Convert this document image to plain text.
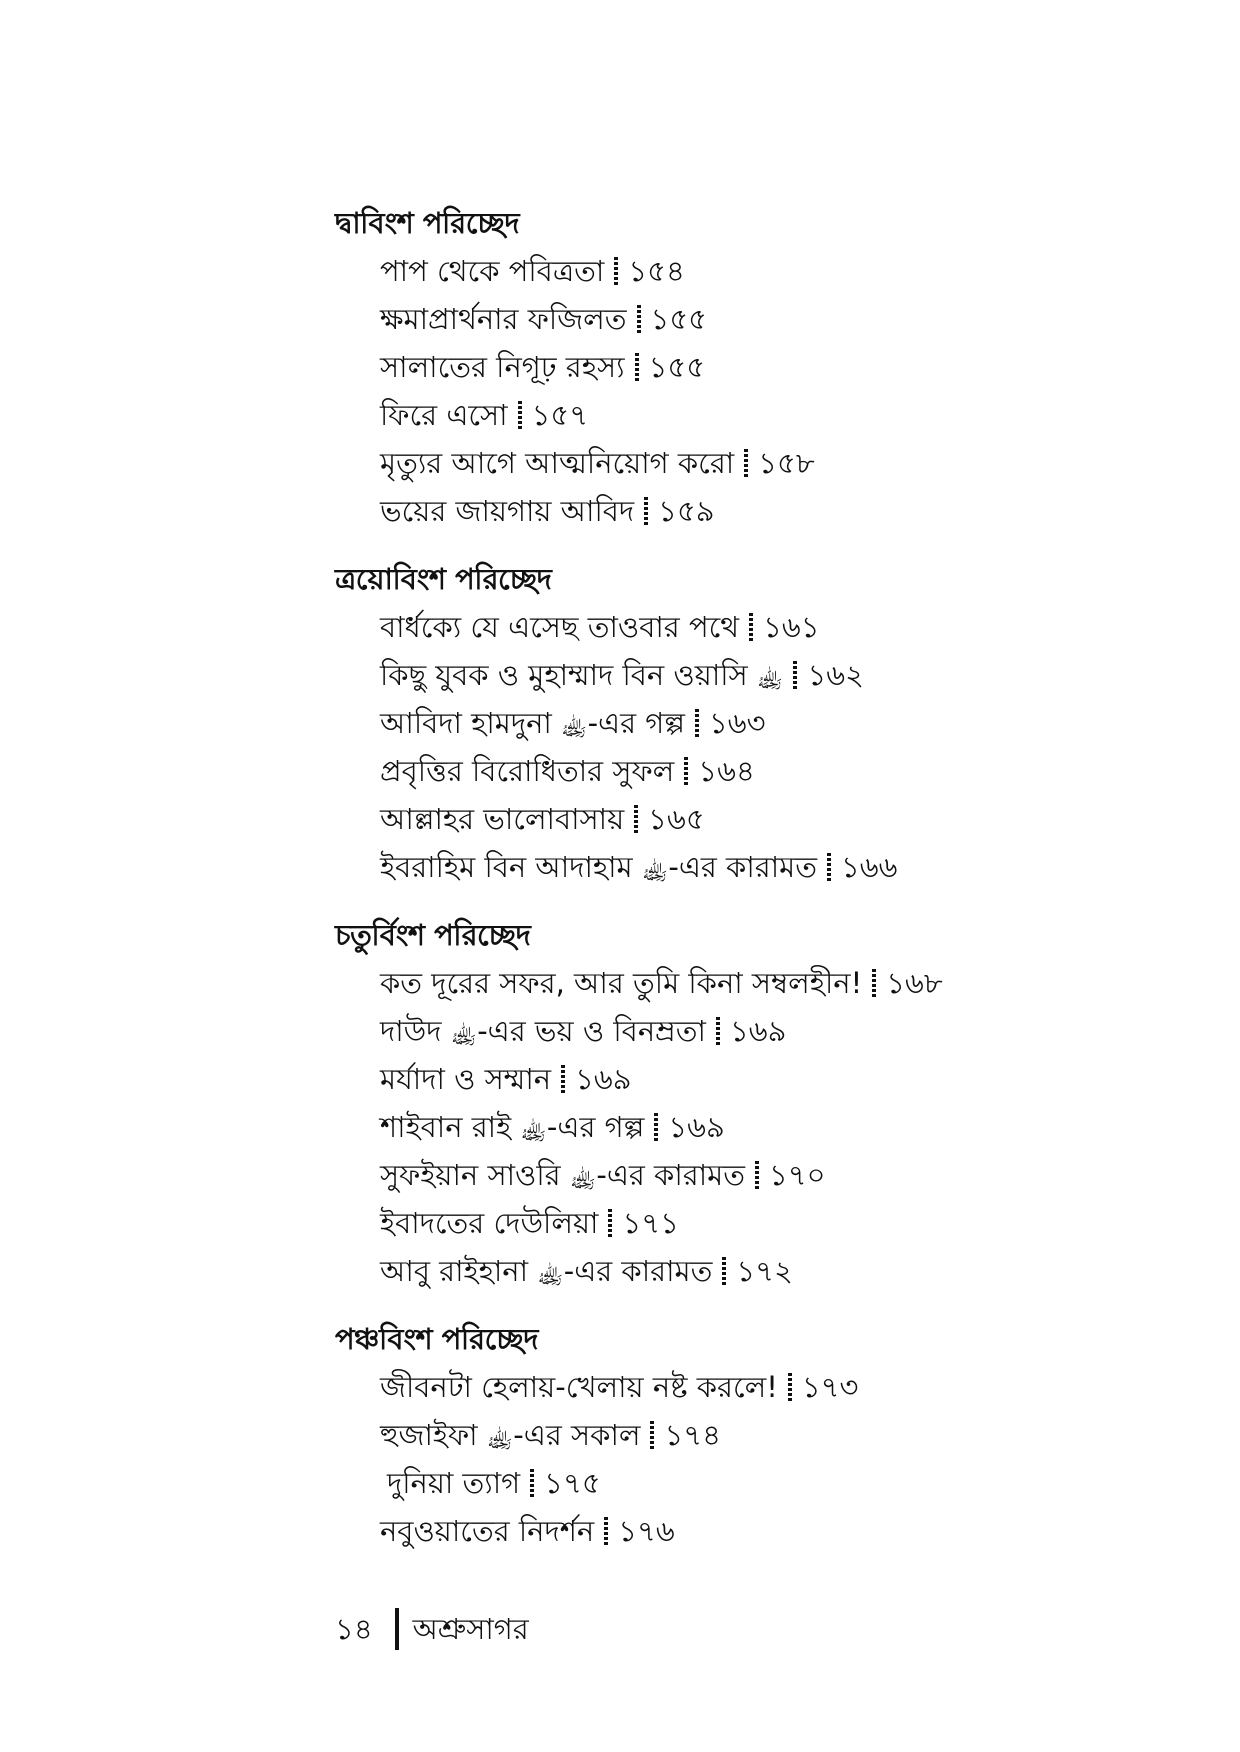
দ্বাবিংশ পরিচ্ছেদ
পাপ থেকে পবিত্রতা ১৫৪
ক্ষমাপ্রার্থনার ফজিলত ১৫৫
সালাতের নিগূঢ় রহস্য ১৫৫
ফিরে এসো ১৫৭
মৃত্যুর আগে আত্মনিয়োগ করো ১৫৮
ভয়ের জায়গায় আবিদ ১৫৯
ত্রয়োবিংশ পরিচ্ছেদ
বার্ধক্যে যে এসেছ তাওবার পথে ১৬১
কিছু যুবক ও মুহাম্মাদ বিন ওয়াসি ﵀ ১৬২
আবিদা হামদুনা ﵀-এর গল্প ১৬৩
প্রবৃত্তির বিরোধিতার সুফল ১৬৪
আল্লাহর ভালোবাসায় ১৬৫
ইবরাহিম বিন আদাহাম ﵀-এর কারামত ১৬৬
চতুর্বিংশ পরিচ্ছেদ
কত দূরের সফর, আর তুমি কিনা সম্বলহীন! ১৬৮
দাউদ ﵀-এর ভয় ও বিনম্রতা ১৬৯
মর্যাদা ও সম্মান ১৬৯
শাইবান রাই ﵀-এর গল্প ১৬৯
সুফইয়ান সাওরি ﵀-এর কারামত ১৭০
ইবাদতের দেউলিয়া ১৭১
আবু রাইহানা ﵀-এর কারামত ১৭২
পঞ্চবিংশ পরিচ্ছেদ
জীবনটা হেলায়-খেলায় নষ্ট করলে! ১৭৩
হুজাইফা ﵀-এর সকাল ১৭৪
দুনিয়া ত্যাগ ১৭৫
নবুওয়াতের নিদর্শন ১৭৬
১৪ অশ্রুসাগর
